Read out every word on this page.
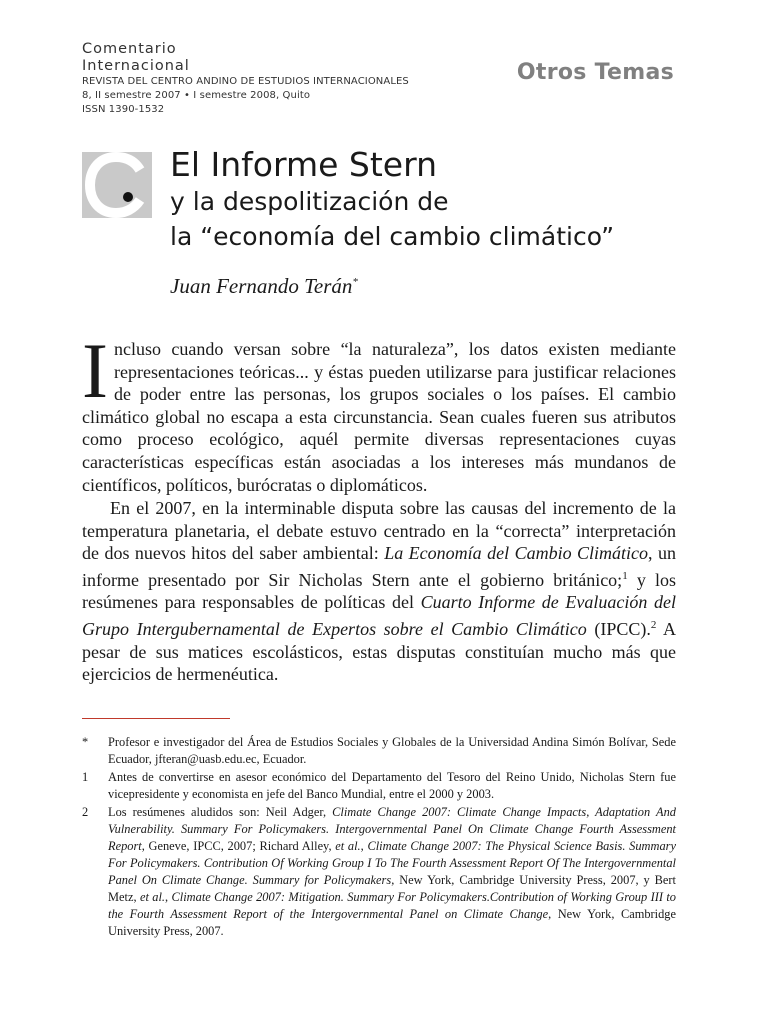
Comentario
Internacional
REVISTA DEL CENTRO ANDINO DE ESTUDIOS INTERNACIONALES
8, II semestre 2007 • I semestre 2008, Quito
ISSN 1390-1532
Otros Temas
El Informe Stern
y la despolitización de
la “economía del cambio climático”
Juan Fernando Terán*
Incluso cuando versan sobre “la naturaleza”, los datos existen mediante representaciones teóricas... y éstas pueden utilizarse para justificar relaciones de poder entre las personas, los grupos sociales o los países. El cambio climático global no escapa a esta circunstancia. Sean cuales fueren sus atributos como proceso ecológico, aquél permite diversas representaciones cuyas características específicas están asociadas a los intereses más mundanos de científicos, políticos, burócratas o diplomáticos.
En el 2007, en la interminable disputa sobre las causas del incremento de la temperatura planetaria, el debate estuvo centrado en la “correcta” interpretación de dos nuevos hitos del saber ambiental: La Economía del Cambio Climático, un informe presentado por Sir Nicholas Stern ante el gobierno británico;$^1$ y los resúmenes para responsables de políticas del Cuarto Informe de Evaluación del Grupo Intergubernamental de Expertos sobre el Cambio Climático (IPCC).$^2$ A pesar de sus matices escolásticos, estas disputas constituían mucho más que ejercicios de hermenéutica.
*	Profesor e investigador del Área de Estudios Sociales y Globales de la Universidad Andina Simón Bolívar, Sede Ecuador, jfteran@uasb.edu.ec, Ecuador.
1	Antes de convertirse en asesor económico del Departamento del Tesoro del Reino Unido, Nicholas Stern fue vicepresidente y economista en jefe del Banco Mundial, entre el 2000 y 2003.
2	Los resúmenes aludidos son: Neil Adger, Climate Change 2007: Climate Change Impacts, Adaptation And Vulnerability. Summary For Policymakers. Intergovernmental Panel On Climate Change Fourth Assessment Report, Geneve, IPCC, 2007; Richard Alley, et al., Climate Change 2007: The Physical Science Basis. Summary For Policymakers. Contribution Of Working Group I To The Fourth Assessment Report Of The Intergovernmental Panel On Climate Change. Summary for Policymakers, New York, Cambridge University Press, 2007, y Bert Metz, et al., Climate Change 2007: Mitigation. Summary For Policymakers.Contribution of Working Group III to the Fourth Assessment Report of the Intergovernmental Panel on Climate Change, New York, Cambridge University Press, 2007.
